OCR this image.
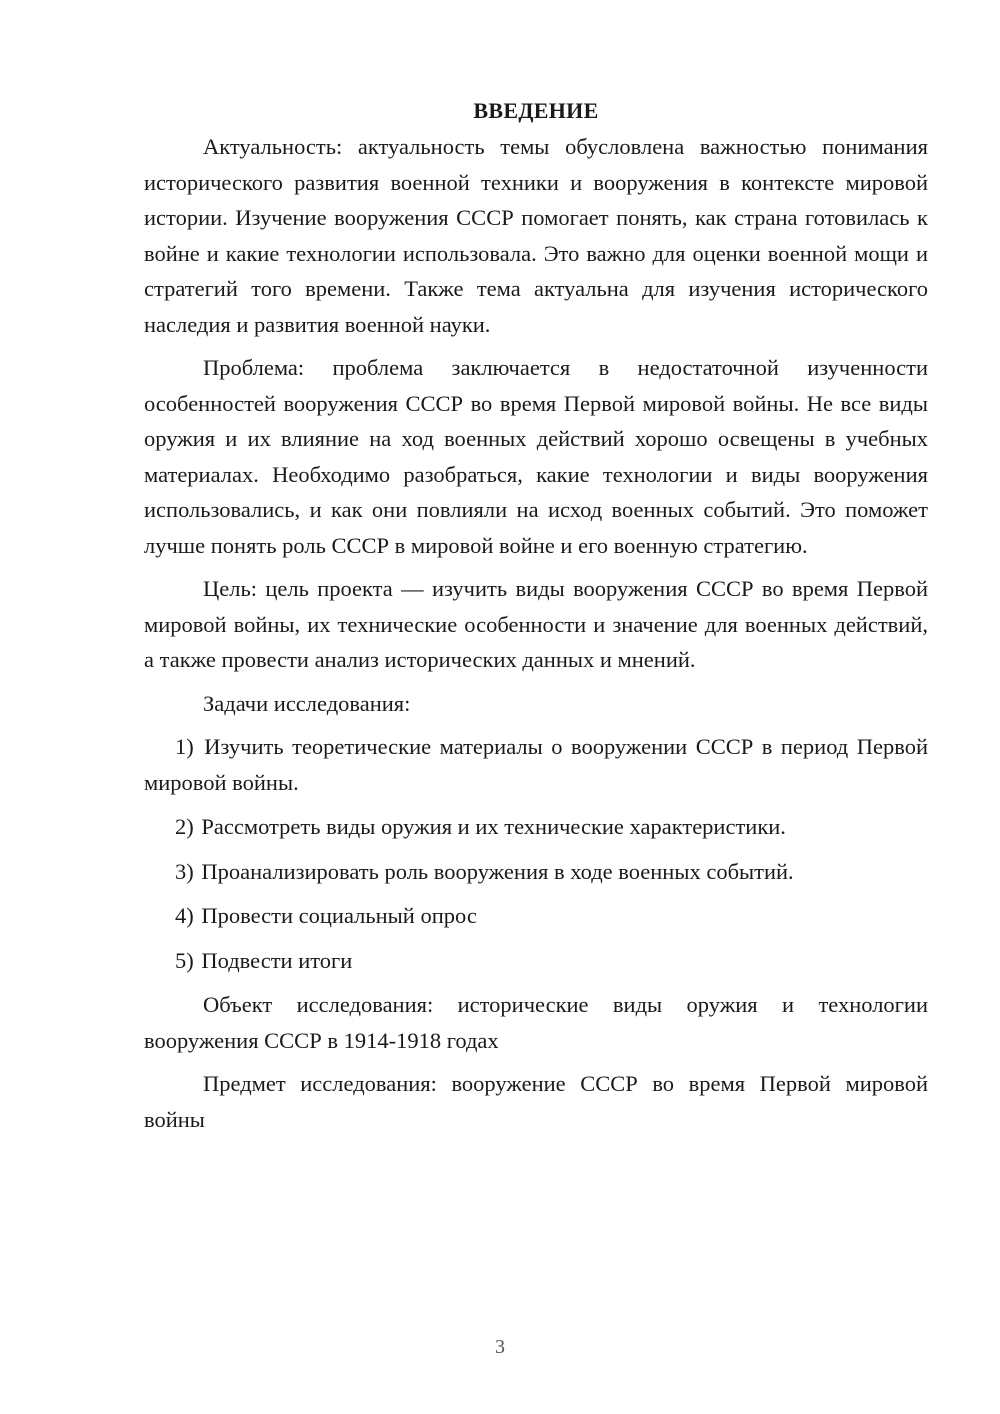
ВВЕДЕНИЕ

Актуальность: актуальность темы обусловлена важностью понимания исторического развития военной техники и вооружения в контексте мировой истории. Изучение вооружения СССР помогает понять, как страна готовилась к войне и какие технологии использовала. Это важно для оценки военной мощи и стратегий того времени. Также тема актуальна для изучения исторического наследия и развития военной науки.

Проблема: проблема заключается в недостаточной изученности особенностей вооружения СССР во время Первой мировой войны. Не все виды оружия и их влияние на ход военных действий хорошо освещены в учебных материалах. Необходимо разобраться, какие технологии и виды вооружения использовались, и как они повлияли на исход военных событий. Это поможет лучше понять роль СССР в мировой войне и его военную стратегию.

Цель: цель проекта — изучить виды вооружения СССР во время Первой мировой войны, их технические особенности и значение для военных действий, а также провести анализ исторических данных и мнений.

Задачи исследования:

1) Изучить теоретические материалы о вооружении СССР в период Первой мировой войны.

2) Рассмотреть виды оружия и их технические характеристики.

3) Проанализировать роль вооружения в ходе военных событий.

4) Провести социальный опрос

5) Подвести итоги

Объект исследования: исторические виды оружия и технологии вооружения СССР в 1914-1918 годах

Предмет исследования: вооружение СССР во время Первой мировой войны

3
